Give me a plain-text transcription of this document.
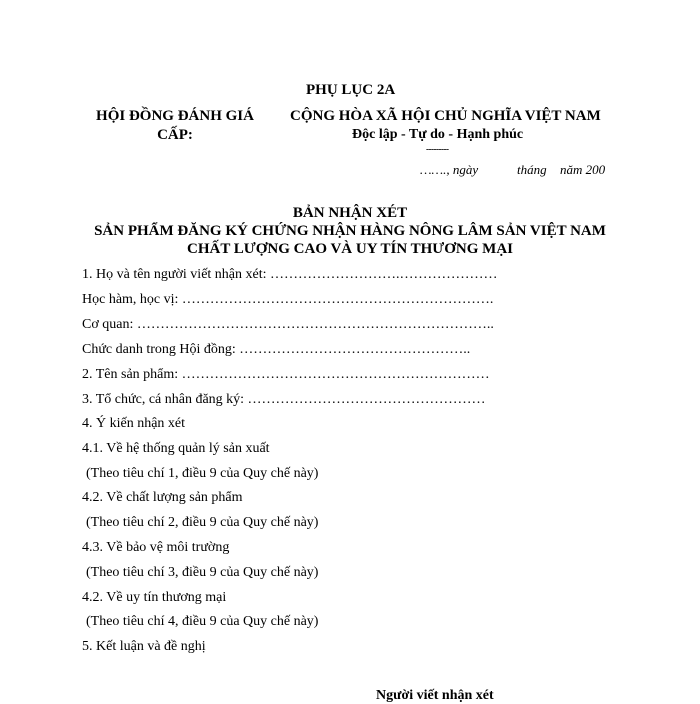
PHỤ LỤC 2A
HỘI ĐỒNG ĐÁNH GIÁ
CẤP:
CỘNG HÒA XÃ HỘI CHỦ NGHĨA VIỆT NAM
Độc lập - Tự do - Hạnh phúc
---------
……., ngày	tháng năm 200
BẢN NHẬN XÉT
SẢN PHẨM ĐĂNG KÝ CHỨNG NHẬN HÀNG NÔNG LÂM SẢN VIỆT NAM
CHẤT LƯỢNG CAO VÀ UY TÍN THƯƠNG MẠI
1. Họ và tên người viết nhận xét: ……………………….…………………
Học hàm, học vị: ………………………………………………………….
Cơ quan: …………………………………………………………………..
Chức danh trong Hội đồng: …………………………………………..
2. Tên sản phẩm: …………………………………………………………
3. Tổ chức, cá nhân đăng ký: ……………………………………………
4. Ý kiến nhận xét
4.1. Về hệ thống quản lý sản xuất
(Theo tiêu chí 1, điều 9 của Quy chế này)
4.2. Về chất lượng sản phẩm
(Theo tiêu chí 2, điều 9 của Quy chế này)
4.3. Về bảo vệ môi trường
(Theo tiêu chí 3, điều 9 của Quy chế này)
4.2. Về uy tín thương mại
(Theo tiêu chí 4, điều 9 của Quy chế này)
5. Kết luận và đề nghị
Người viết nhận xét
